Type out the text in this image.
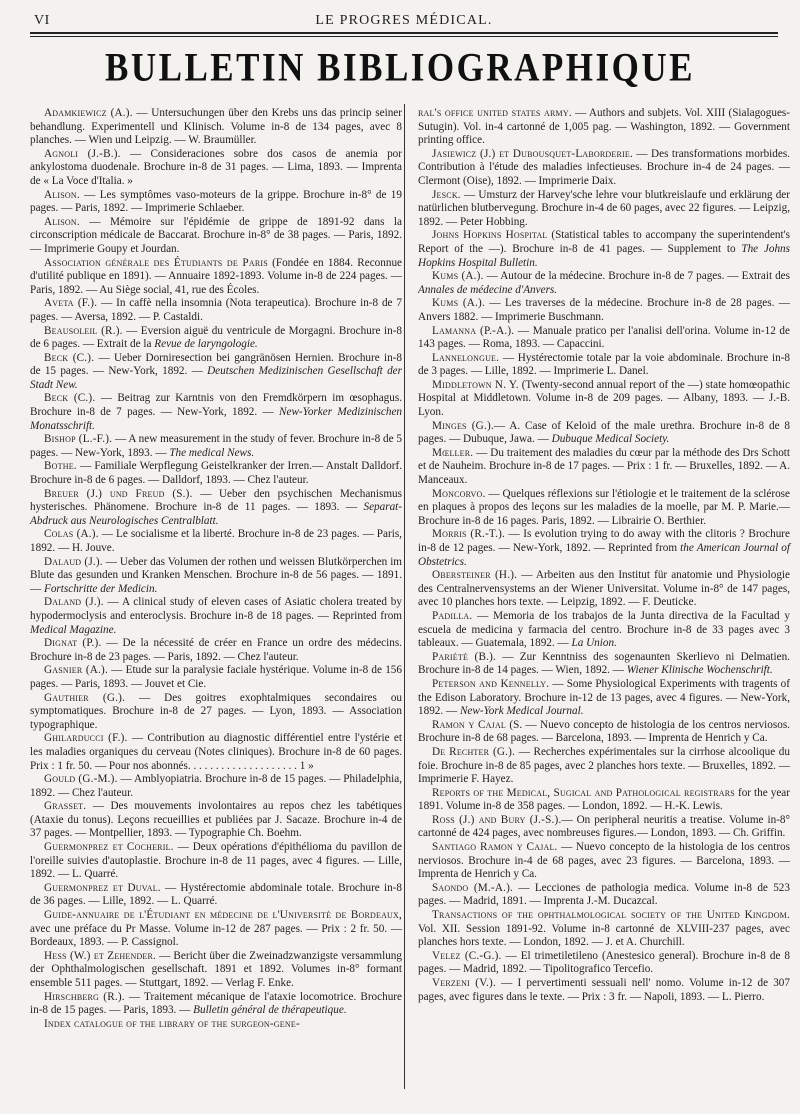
VI	LE PROGRES MÉDICAL.
BULLETIN BIBLIOGRAPHIQUE

Adamkiewicz (A.). — Untersuchungen über den Krebs uns das princip seiner behandlung. Experimentell und Klinisch. Volume in-8 de 134 pages, avec 8 planches. — Wien und Leipzig. — W. Braumüller.

Agnoli (J.-B.). — Consideraciones sobre dos casos de anemia por ankylostoma duodenale. Brochure in-8 de 31 pages. — Lima, 1893. — Imprenta de « La Voce d'Italia. »

Alison. — Les symptômes vaso-moteurs de la grippe. Brochure in-8° de 19 pages. — Paris, 1892. — Imprimerie Schlaeber.

Alison. — Mémoire sur l'épidémie de grippe de 1891-92 dans la circonscription médicale de Baccarat. Brochure in-8° de 38 pages. — Paris, 1892. — Imprimerie Goupy et Jourdan.

Association générale des Étudiants de Paris (Fondée en 1884. Reconnue d'utilité publique en 1891). — Annuaire 1892-1893. Volume in-8 de 224 pages. — Paris, 1892. — Au Siège social, 41, rue des Écoles.

Aveta (F.). — In caffè nella insomnia (Nota terapeutica). Brochure in-8 de 7 pages. — Aversa, 1892. — P. Castaldi.

Beausoleil (R.). — Eversion aiguë du ventricule de Morgagni. Brochure in-8 de 6 pages. — Extrait de la Revue de laryngologie.

Beck (C.). — Ueber Dorniresection bei gangränösen Hernien. Brochure in-8 de 15 pages. — New-York, 1892. — Deutschen Medizinischen Gesellschaft der Stadt New.

Beck (C.). — Beitrag zur Karntnis von den Fremdkörpern im œsophagus. Brochure in-8 de 7 pages. — New-York, 1892. — New-Yorker Medizinischen Monatsschrift.

Bishop (L.-F.). — A new measurement in the study of fever. Brochure in-8 de 5 pages. — New-York, 1893. — The medical News.

Bothe. — Familiale Werpflegung Geistelkranker der Irren.— Anstalt Dalldorf. Brochure in-8 de 6 pages. — Dalldorf, 1893. — Chez l'auteur.

Breuer (J.) und Freud (S.). — Ueber den psychischen Mechanismus hysterisches. Phänomene. Brochure in-8 de 11 pages. — 1893. — Separat-Abdruck aus Neurologisches Centralblatt.

Colas (A.). — Le socialisme et la liberté. Brochure in-8 de 23 pages. — Paris, 1892. — H. Jouve.

Dalaud (J.). — Ueber das Volumen der rothen und weissen Blutkörperchen im Blute das gesunden und Kranken Menschen. Brochure in-8 de 56 pages. — 1891. — Fortschritte der Medicin.

Daland (J.). — A clinical study of eleven cases of Asiatic cholera treated by hypodermoclysis and enteroclysis. Brochure in-8 de 18 pages. — Reprinted from Medical Magazine.

Dignat (P.). — De la nécessité de créer en France un ordre des médecins. Brochure in-8 de 23 pages. — Paris, 1892. — Chez l'auteur.

Gasnier (A.). — Etude sur la paralysie faciale hystérique. Volume in-8 de 156 pages. — Paris, 1893. — Jouvet et Cie.

Gauthier (G.). — Des goitres exophtalmiques secondaires ou symptomatiques. Brochure in-8 de 27 pages. — Lyon, 1893. — Association typographique.

Ghilarducci (F.). — Contribution au diagnostic différentiel entre l'ystérie et les maladies organiques du cerveau (Notes cliniques). Brochure in-8 de 60 pages. Prix : 1 fr. 50. — Pour nos abonnés. . . . . . . . . . . . . . . . . . . . 1 »

Gould (G.-M.). — Amblyopiatria. Brochure in-8 de 15 pages. — Philadelphia, 1892. — Chez l'auteur.

Grasset. — Des mouvements involontaires au repos chez les tabétiques (Ataxie du tonus). Leçons recueillies et publiées par J. Sacaze. Brochure in-4 de 37 pages. — Montpellier, 1893. — Typographie Ch. Boehm.

Guermonprez et Cocheril. — Deux opérations d'épithélioma du pavillon de l'oreille suivies d'autoplastie. Brochure in-8 de 11 pages, avec 4 figures. — Lille, 1892. — L. Quarré.

Guermonprez et Duval. — Hystérectomie abdominale totale. Brochure in-8 de 36 pages. — Lille, 1892. — L. Quarré.

Guide-annuaire de l'Étudiant en médecine de l'Université de Bordeaux, avec une préface du Pr Masse. Volume in-12 de 287 pages. — Prix : 2 fr. 50. — Bordeaux, 1893. — P. Cassignol.

Hess (W.) et Zehender. — Bericht über die Zweinadzwanzigste versammlung der Ophthalmologischen gesellschaft. 1891 et 1892. Volumes in-8° formant ensemble 511 pages. — Stuttgart, 1892. — Verlag F. Enke.

Hirschberg (R.). — Traitement mécanique de l'ataxie locomotrice. Brochure in-8 de 15 pages. — Paris, 1893. — Bulletin général de thérapeutique.

Index catalogue of the library of the surgeon-gene-

ral's office united states army. — Authors and subjets. Vol. XIII (Sialagogues-Sutugin). Vol. in-4 cartonné de 1,005 pag. — Washington, 1892. — Government printing office.

Jasiewicz (J.) et Dubousquet-Laborderie. — Des transformations morbides. Contribution à l'étude des maladies infectieuses. Brochure in-4 de 24 pages. — Clermont (Oise), 1892. — Imprimerie Daix.

Jesck. — Umsturz der Harvey'sche lehre vour blutkreislaufe und erklärung der natürlichen blutbervegung. Brochure in-4 de 60 pages, avec 22 figures. — Leipzig, 1892. — Peter Hobbing.

Johns Hopkins Hospital (Statistical tables to accompany the superintendent's Report of the —). Brochure in-8 de 41 pages. — Supplement to The Johns Hopkins Hospital Bulletin.

Kums (A.). — Autour de la médecine. Brochure in-8 de 7 pages. — Extrait des Annales de médecine d'Anvers.

Kums (A.). — Les traverses de la médecine. Brochure in-8 de 28 pages. — Anvers 1882. — Imprimerie Buschmann.

Lamanna (P.-A.). — Manuale pratico per l'analisi dell'orina. Volume in-12 de 143 pages. — Roma, 1893. — Capaccini.

Lannelongue. — Hystérectomie totale par la voie abdominale. Brochure in-8 de 3 pages. — Lille, 1892. — Imprimerie L. Danel.

Middletown N. Y. (Twenty-second annual report of the —) state homœopathic Hospital at Middletown. Volume in-8 de 209 pages. — Albany, 1893. — J.-B. Lyon.

Minges (G.).— A. Case of Keloid of the male urethra. Brochure in-8 de 8 pages. — Dubuque, Jawa. — Dubuque Medical Society.

Mœller. — Du traitement des maladies du cœur par la méthode des Drs Schott et de Nauheim. Brochure in-8 de 17 pages. — Prix : 1 fr. — Bruxelles, 1892. — A. Manceaux.

Moncorvo. — Quelques réflexions sur l'étiologie et le traitement de la sclérose en plaques à propos des leçons sur les maladies de la moelle, par M. P. Marie.— Brochure in-8 de 16 pages. Paris, 1892. — Librairie O. Berthier.

Morris (R.-T.). — Is evolution trying to do away with the clitoris ? Brochure in-8 de 12 pages. — New-York, 1892. — Reprinted from the American Journal of Obstetrics.

Obersteiner (H.). — Arbeiten aus den Institut für anatomie und Physiologie des Centralnervensystems an der Wiener Universitat. Volume in-8° de 147 pages, avec 10 planches hors texte. — Leipzig, 1892. — F. Deuticke.

Padilla. — Memoria de los trabajos de la Junta directiva de la Facultad y escuela de medicina y farmacia del centro. Brochure in-8 de 33 pages avec 3 tableaux. — Guatemala, 1892. — La Union.

Pariété (B.). — Zur Kenntniss des sogenaunten Skerlievo ni Delmatien. Brochure in-8 de 14 pages. — Wien, 1892. — Wiener Klinische Wochenschrift.

Peterson and Kennelly. — Some Physiological Experiments with tragents of the Edison Laboratory. Brochure in-12 de 13 pages, avec 4 figures. — New-York, 1892. — New-York Medical Journal.

Ramon y Cajal (S. — Nuevo concepto de histologia de los centros nerviosos. Brochure in-8 de 68 pages. — Barcelona, 1893. — Imprenta de Henrich y Ca.

De Rechter (G.). — Recherches expérimentales sur la cirrhose alcoolique du foie. Brochure in-8 de 85 pages, avec 2 planches hors texte. — Bruxelles, 1892. — Imprimerie F. Hayez.

Reports of the Medical, Sugical and Pathological registrars for the year 1891. Volume in-8 de 358 pages. — London, 1892. — H.-K. Lewis.

Ross (J.) and Bury (J.-S.).— On peripheral neuritis a treatise. Volume in-8° cartonné de 424 pages, avec nombreuses figures.— London, 1893. — Ch. Griffin.

Santiago Ramon y Cajal. — Nuevo concepto de la histologia de los centros nerviosos. Brochure in-4 de 68 pages, avec 23 figures. — Barcelona, 1893. — Imprenta de Henrich y Ca.

Saondo (M.-A.). — Lecciones de pathologia medica. Volume in-8 de 523 pages. — Madrid, 1891. — Imprenta J.-M. Ducazcal.

Transactions of the ophthalmological society of the United Kingdom. Vol. XII. Session 1891-92. Volume in-8 cartonné de XLVIII-237 pages, avec planches hors texte. — London, 1892. — J. et A. Churchill.

Velez (C.-G.). — El trimetiletileno (Anestesico general). Brochure in-8 de 8 pages. — Madrid, 1892. — Tipolitografico Tercefio.

Verzeni (V.). — I pervertimenti sessuali nell' nomo. Volume in-12 de 307 pages, avec figures dans le texte. — Prix : 3 fr. — Napoli, 1893. — L. Pierro.
